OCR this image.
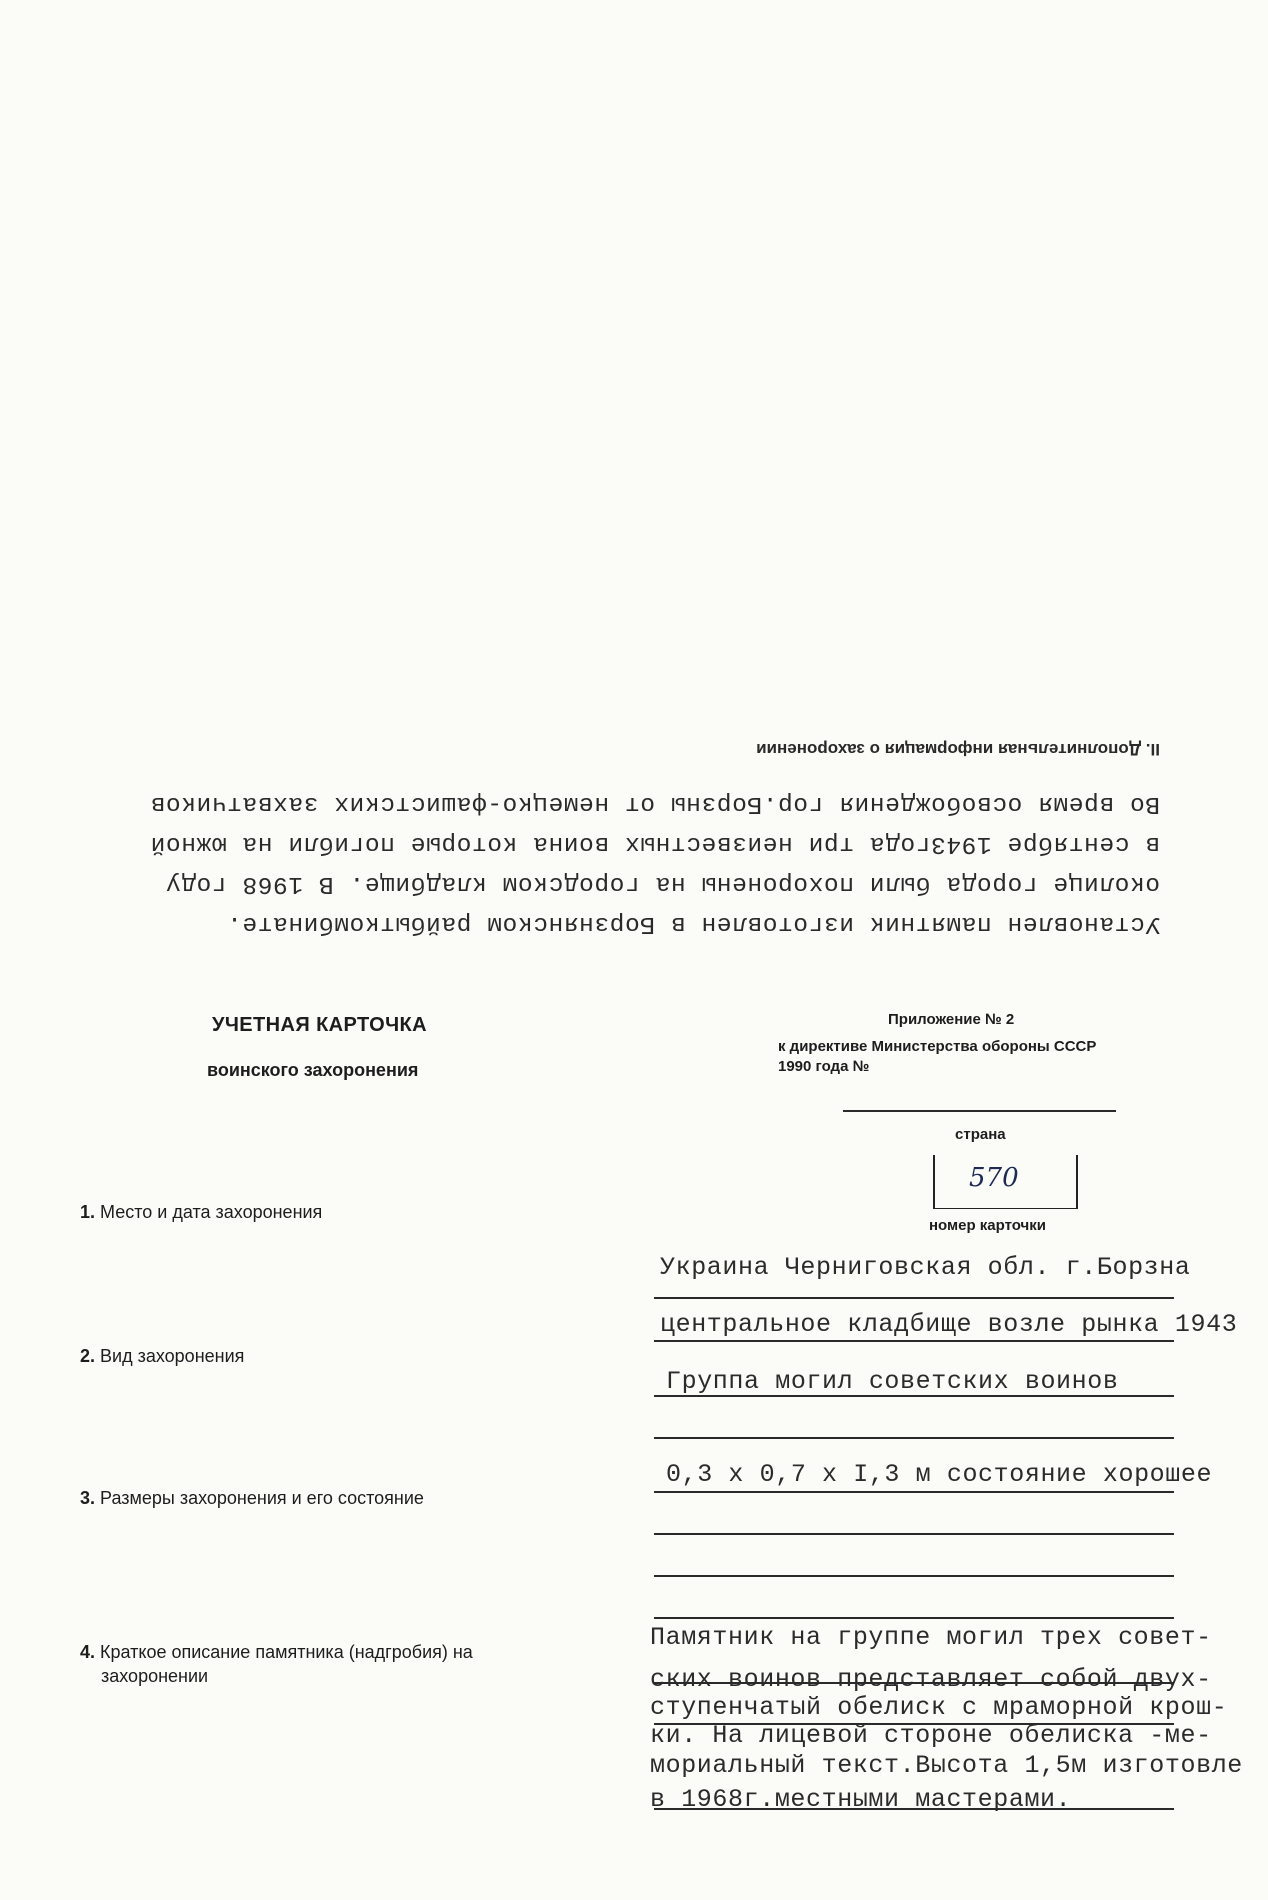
Установлен памятник изготовлен в Борзнянском райбыткомбинате.
околице города были похоронены на городском кладбище. В 1968 году
в сентябре 1943года три неизвестных воина которые погибли на южной
Во время освобождения гор.Борзны от немецко-фашистских захватчиков
II. Дополнительная информация о захоронении
УЧЕТНАЯ КАРТОЧКА
воинского захоронения
Приложение № 2
к директиве Министерства обороны СССР
1990 года №
страна
570
номер карточки
1. Место и дата захоронения
2. Вид захоронения
3. Размеры захоронения и его состояние
4. Краткое описание памятника (надгробия) на
захоронении
Украина Черниговская обл. г.Борзна
центральное кладбище возле рынка 1943
Группа могил советских воинов
0,3 x 0,7 x I,3 м состояние хорошее
Памятник на группе могил трех совет-
ских воинов представляет собой двух-
ступенчатый обелиск с мраморной крош-
ки. На лицевой стороне обелиска -ме-
мориальный текст.Высота 1,5м изготовле
в 1968г.местными мастерами.
